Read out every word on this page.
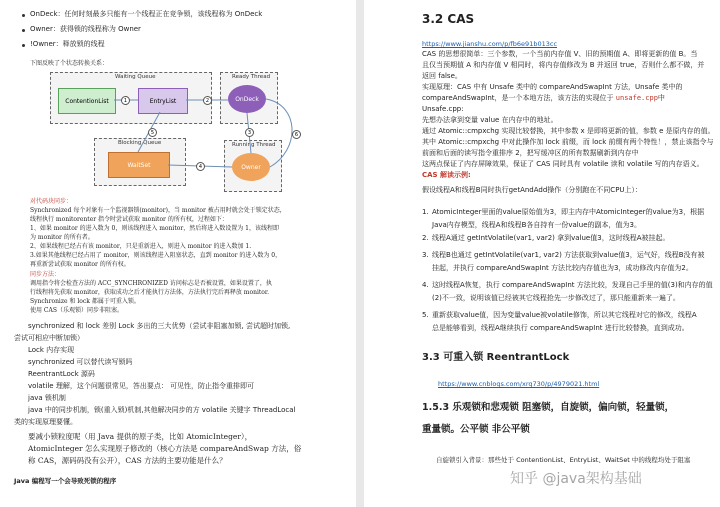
OnDeck：任何时刻最多只能有一个线程正在竞争锁，该线程称为 OnDeck

Owner：获得锁的线程称为 Owner

!Owner：释放锁的线程

下图反映了个状态转换关系：

Waiting Queue
ContentionList	EntryList
Ready Thread
OnDeck
Blocking Queue
WaitSet
Running Thread
Owner
1	2
3
4
5	6

对代码块同步：

Synchronized 每个对象有一个监视器锁(monitor)，当 monitor 被占用时就会处于锁定状态，

线程执行 monitorenter 指令时尝试获取 monitor 的所有权，过程如下：

1、如果 monitor 的进入数为 0，则该线程进入 monitor，然后将进入数设置为 1，该线程即

为 monitor 的所有者。

2、如果线程已经占有该 monitor，只是重新进入，则进入 monitor 的进入数加 1.

3.如果其他线程已经占用了 monitor，则该线程进入阻塞状态，直到 monitor 的进入数为 0，

再重新尝试获取 monitor 的所有权。

同步方法：

调用指令将会检查方法的 ACC_SYNCHRONIZED 访问标志是否被设置，如果设置了，执

行线程将先获取 monitor，获取成功之后才能执行方法体，方法执行完后再释放 monitor.

Synchronize 和 lock 都属于可重入锁。

使用 CAS（乐观锁）同步非阻塞。

synchronized 和 lock 差别 Lock 多出的三大优势（尝试非阻塞加锁, 尝试超时加锁,

尝试可相应中断加锁）

Lock 内存实现

synchronized 可以替代读写锁吗

ReentrantLock 源码

volatile 理解，这个问题很常见，答出要点： 可见性，防止指令重排即可

java 锁机制

java 中的同步机制，锁(重入锁)机制,其他解决同步的方 volatile 关键字 ThreadLocal

类的实现原理要懂。

要减小锁粒度呢（用 Java 提供的原子类，比如 AtomicInteger），

AtomicInteger 怎么实现原子修改的（核心方法是 compareAndSwap 方法，俗

称 CAS，源码码没有公开），CAS 方法的主要功能是什么？

Java 编程写一个会导致死锁的程序

3.2 CAS

https://www.jianshu.com/p/fb6e91b013cc

CAS 的思想很简单：三个参数，一个当前内存值 V、旧的预期值 A、即将更新的值 B。当

且仅当预期值 A 和内存值 V 相同时，将内存值修改为 B 并返回 true，否则什么都不做，并

返回 false。

实现原理：CAS 中有 Unsafe 类中的 compareAndSwapInt 方法，Unsafe 类中的

compareAndSwapInt，是一个本地方法，该方法的实现位于 unsafe.cpp中

Unsafe.cpp:

先想办法拿到变量 value 在内存中的地址。

通过 Atomic::cmpxchg 实现比较替换，其中参数 x 是即将更新的值，参数 e 是原内存的值。

其中 Atomic::cmpxchg 中对此操作加 lock 前缀，而 lock 前缀有两个特性！，禁止该指令与

前面和后面的读写指令重排序 2，把写缓冲区的所有数据刷新到内存中

这两点保证了内存屏障效果，保证了 CAS 同时具有 volatile 读和 volatile 写的内存语义。

CAS 解读示例:

假设线程A和线程B同时执行getAndAdd操作（分别跑在不同CPU上）：

1. AtomicInteger里面的value原始值为3，即主内存中AtomicInteger的value为3，根据

Java内存模型，线程A和线程B各自持有一份value的副本，值为3。

2. 线程A通过 getIntVolatile(var1, var2) 拿到value值3，这时线程A被挂起。

3. 线程B也通过 getIntVolatile(var1, var2) 方法获取到value值3，运气好，线程B没有被

挂起，并执行 compareAndSwapInt 方法比较内存值也为3，成功修改内存值为2。

4. 这时线程A恢复，执行 compareAndSwapInt 方法比较，发现自己手里的值(3)和内存的值

(2)不一致，说明该值已经被其它线程抢先一步修改过了，那只能重新来一遍了。

5. 重新获取value值，因为变量value被volatile修饰，所以其它线程对它的修改，线程A

总是能够看到，线程A继续执行 compareAndSwapInt 进行比较替换，直到成功。

3.3 可重入锁 ReentrantLock

https://www.cnblogs.com/xrq730/p/4979021.html

1.5.3 乐观锁和悲观锁 阻塞锁，自旋锁，偏向锁，轻量锁，

重量锁。公平锁 非公平锁

自旋锁引入背景：那些处于 ContentionList、EntryList、WaitSet 中的线程均处于阻塞

知乎 @java架构基础
